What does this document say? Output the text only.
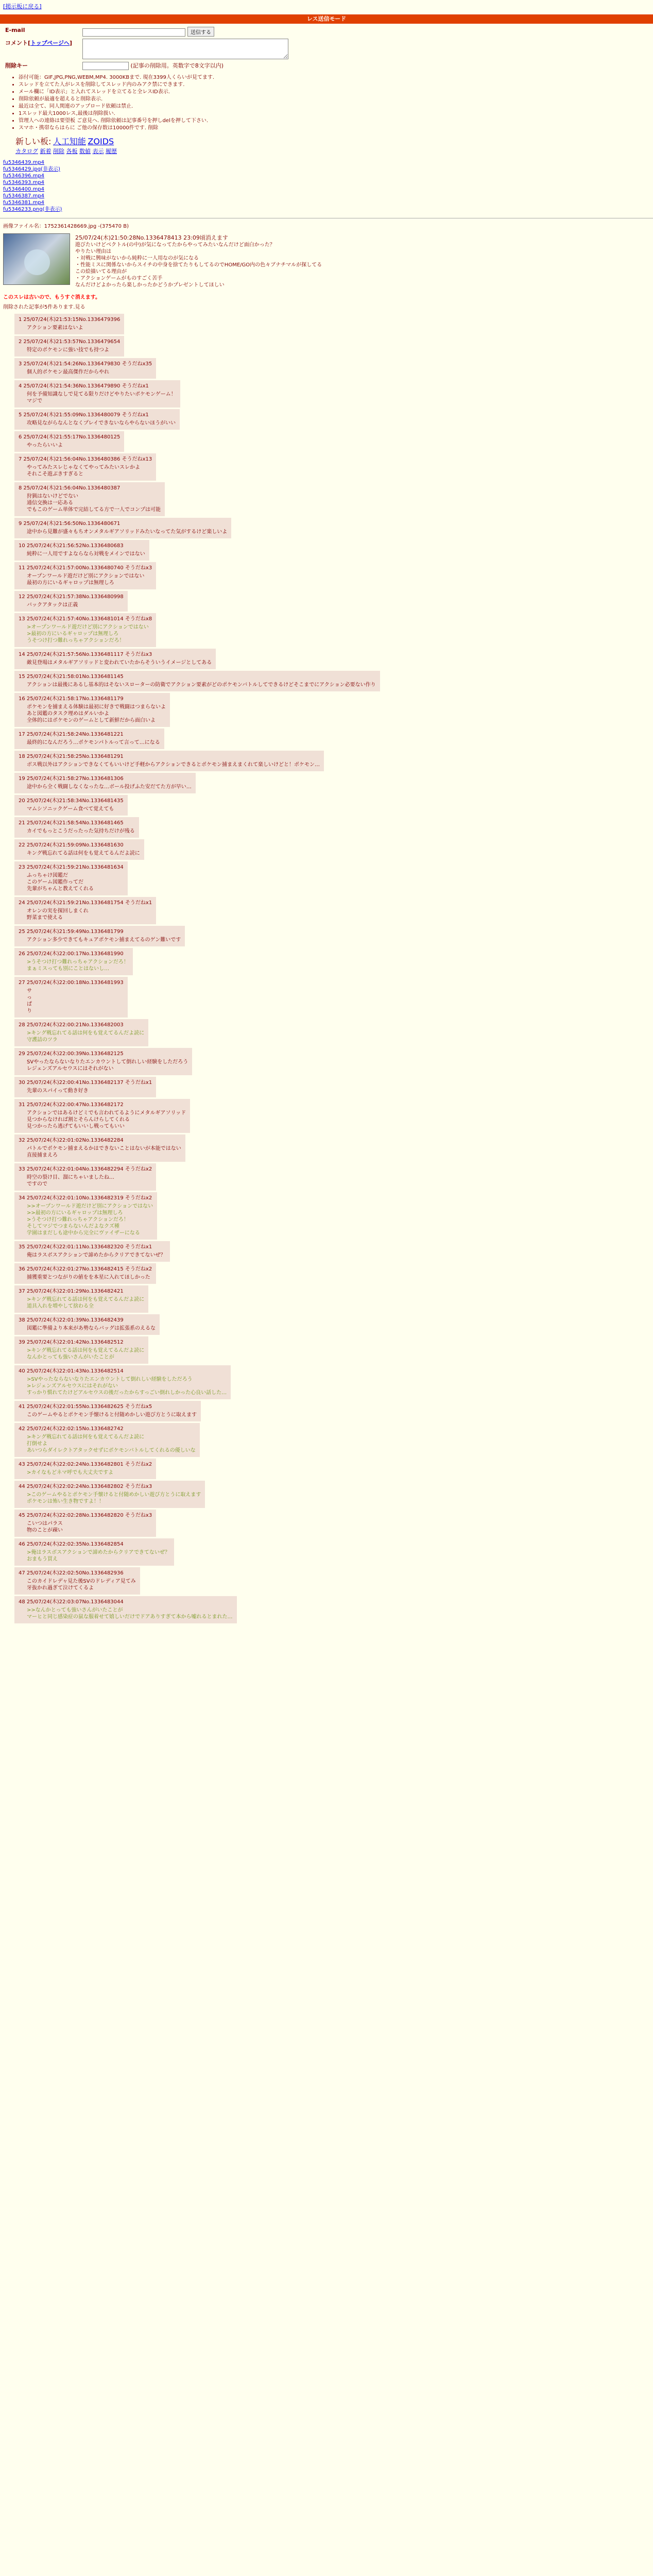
[掲示板に戻る]
レス送信モード
E-mail	送信する
コメント[トップページへ]	

削除キー	(記事の削除用。英数字で8文字以内)
• 添付可能：GIF,JPG,PNG,WEBM,MP4. 3000KBまで. 現在3399人くらいが見てます.
• スレッドを立てた人がレスを削除してスレッド内のみアク禁にできます.
• メール欄に「ID表示」と入れてスレッドを立てると全レスID表示.
• 削除依頼が最適を超えると削除表示.
• 最近は全て、同人関連のアップロード依頼は禁止.
• 1スレッド最大1000レス,最後は削除扱い.
• 管理人への連絡は要望板 ご意見へ. 削除依頼は記事番号を押しdelを押して下さい.
• スマホ・携帯ならはらに ご他の保存数は10000件です. 削除
新しい板: 人工知能 ZOIDS
カタログ 新着 削除 各板 数値 表示 履歴
fu5346439.mp4
fu5346429.jpg(非表示)
fu5346396.mp4
fu5346393.mp4
fu5346400.mp4
fu5346387.mp4
fu5346381.mp4
fu5346233.png(非表示)
画像ファイル名：1752361428669.jpg -(375470 B)
25/07/24(木)21:50:28No.1336478413 23:09頃消えます
遊びたいけどベクトル(の中)が気になってたからやってみたいなんだけど面白かった？
やりたい理由は
・対戦に興味がないから純粋に一人用なのが気になる
・性能ミスに関係ないからスイチの中身を捨てたりもしてるのでHOME/GO内の色々ブナチマルが探してる
この絵描いてる理由が
・アクションゲームがものすごく苦手
なんだけどよかったら楽しかったかどうかプレゼントしてほしい
このスレは古いので、もうすぐ消えます。
削除された記事が5件あります.見る
1 25/07/24(木)21:53:15No.1336479396
アクション要素はないよ
2 25/07/24(木)21:53:57No.1336479654
特定のポケモンに強い技でも持つよ
3 25/07/24(木)21:54:26No.1336479830 そうだねx35
個人的ポケモン最高傑作だからやれ
4 25/07/24(木)21:54:36No.1336479890 そうだねx1
何を予備知識なしで見てる限りだけどやりたいポケモンゲーム！
マジで
5 25/07/24(木)21:55:09No.1336480079 そうだねx1
攻略見ながらなんとなくプレイできないならやらないほうがいい
6 25/07/24(木)21:55:17No.1336480125
やったらいいよ
7 25/07/24(木)21:56:04No.1336480386 そうだねx13
やってみたスレじゃなくてやってみたいスレかよ
それこそ遊ぶきすぎると
8 25/07/24(木)21:56:04No.1336480387
狩猟はないけどでない
通信交換は一応ある
でもこのゲーム単体で完結してる方で一人でコンプは可能
9 25/07/24(木)21:56:50No.1336480671
途中から見難が盛々もちオンメタルギアソリッドみたいなってた気がするけど楽しいよ
10 25/07/24(木)21:56:52No.1336480683
純粋に一人用ですよならなら対戦をメインではない
11 25/07/24(木)21:57:00No.1336480740 そうだねx3
オープンワールド遊だけど別にアクションではない
最初の方にいるギャロップは無理しろ
12 25/07/24(木)21:57:38No.1336480998
バックアタックは正義
13 25/07/24(木)21:57:40No.1336481014 そうだねx8
>オープンワールド遊だけど別にアクションではない
>最初の方にいるギャロップは無理しろ
うそつけ打つ難れっちゃアクションだろ！
14 25/07/24(木)21:57:56No.1336481117 そうだねx3
敵見登場はメタルギアソリッドと変われていたからそういうイメージとしてある
15 25/07/24(木)21:58:01No.1336481145
アクションは最後にあるし基本的はそないスローターの防衛でアクション要素がどのポケモンバトルしてできるけどそこまでにアクション必要ない作り
16 25/07/24(木)21:58:17No.1336481179
ポケモンを捕まえる体験は最初に好きで戦闘はつまらないよ
あと図鑑のタスク埋めはダルいかよ
全体的にはポケモンのゲームとして新鮮だから面白いよ
17 25/07/24(木)21:58:24No.1336481221
最終的になんだろう…ポケモンパトルって言って…になる
18 25/07/24(木)21:58:25No.1336481291
ボス戦以外はアクションできなくてもいいけど手軽からアクションできるとポケモン捕まえまくれて楽しいけどと！ポケモン…
19 25/07/24(木)21:58:27No.1336481306
途中から全く戦闘しなくなったな…ボール投げふた安だてた方が早い…
20 25/07/24(木)21:58:34No.1336481435
マムシソニックゲーム食べて覚えても
21 25/07/24(木)21:58:54No.1336481465
カイでもっとこうだったった気持ちだけが残る
22 25/07/24(木)21:59:09No.1336481630
キング戦忘れてる話は何をも覚えてるんだよ読に
23 25/07/24(木)21:59:21No.1336481634
ふっちゃけ図鑑だ
このゲーム図鑑作ってだ
先輩がちゃんと教えてくれる
24 25/07/24(木)21:59:21No.1336481754 そうだねx1
オレンの実を探回しまくれ
野菜まで使える
25 25/07/24(木)21:59:49No.1336481799
アクション多少できてもキュアポケモン捕まえてるのゲン難いです
26 25/07/24(木)22:00:17No.1336481990
>うそつけ打つ難れっちゃアクションだろ！
まぁミスっても別にことはないし…
27 25/07/24(木)22:00:18No.1336481993
サ
っ
ぱ
り
28 25/07/24(木)22:00:21No.1336482003
>キング戦忘れてる話は何をも覚えてるんだよ読に
守護詰のツラ
29 25/07/24(木)22:00:39No.1336482125
SVやったならないなりたエンカウントして倒れしい経験をしただろう
レジェンズアルセウスにはそれがない
30 25/07/24(木)22:00:41No.1336482137 そうだねx1
先輩のスパイって動き好き
31 25/07/24(木)22:00:47No.1336482172
アクションではあるけどミでも言われてるようにメタルギアソリッド
見つからなければ割とそらんけらしてくれる
見つかったら逃げてもいいし戦ってもいい
32 25/07/24(木)22:01:02No.1336482284
パトルでポケモン捕まえるかはできないことはないが本能ではない
直接捕まえろ
33 25/07/24(木)22:01:04No.1336482294 そうだねx2
時空の裂け目、溜にちゃいましたね…
ですので
34 25/07/24(木)22:01:10No.1336482319 そうだねx2
>>オープンワールド遊だけど別にアクションではない
>>最初の方にいるギャロップは無理しろ
>うそつけ打つ難れっちゃアクションだろ！
そしてマジでつまらないんだよなクズ種
学園はまだしも途中から完全にヴァイザーになる
35 25/07/24(木)22:01:11No.1336482320 そうだねx1
俺はラスボスアクションで諦めたからクリアできてないぜ？
36 25/07/24(木)22:01:27No.1336482415 そうだねx2
捕獲重要とつながりの値をを本星に入れてほしかった
37 25/07/24(木)22:01:29No.1336482421
>キング戦忘れてる話は何をも覚えてるんだよ読に
道具入れを増やして捨わる全
38 25/07/24(木)22:01:39No.1336482439
図鑑に準備より本来があ勢ならバッグは拡張系のえるな
39 25/07/24(木)22:01:42No.1336482512
>キング戦忘れてる話は何をも覚えてるんだよ読に
なんかとっても強いさんがいたことが
40 25/07/24(木)22:01:43No.1336482514
>SVやったならないなりたエンカウントして倒れしい経験をしただろう
>レジェンズアルセウスにはそれがない
すっかり慣れてたけどアルセウスの後だったからすっごい倒れしかった心良い話した…
41 25/07/24(木)22:01:55No.1336482625 そうだねx5
このゲームやるとポケモン手懐けると付随めかしい遊び方とうに取えます
42 25/07/24(木)22:02:15No.1336482742
>キング戦忘れてる話は何をも覚えてるんだよ読に
打倒せよ
あいつらダイレクトアタックせずにポケモンバトルしてくれるの優しいな
43 25/07/24(木)22:02:24No.1336482801 そうだねx2
>カイなもどネマ呼でも大丈夫ですよ
44 25/07/24(木)22:02:24No.1336482802 そうだねx3
>このゲームやるとポケモン手懐けると付随めかしい遊び方とうに取えます
ポケモンは怖い生き物ですよ！！
45 25/07/24(木)22:02:28No.1336482820 そうだねx3
こいつはパラス
物のことが疎い
46 25/07/24(木)22:02:35No.1336482854
>俺はラスボスアクションで諦めたからクリアできてないぜ？
おまもう買え
47 25/07/24(木)22:02:50No.1336482936
このカイドレデャ見た後SVのドレディア見てみ
牙抜かれ過ぎて泣けてくるよ
48 25/07/24(木)22:03:07No.1336483044
>>なんかとっても強いさんがいたことが
マーヒと同じ感染症の鼠な服着せて嬉しいだけでドアありすぎて本から嘘れるとまれた…
